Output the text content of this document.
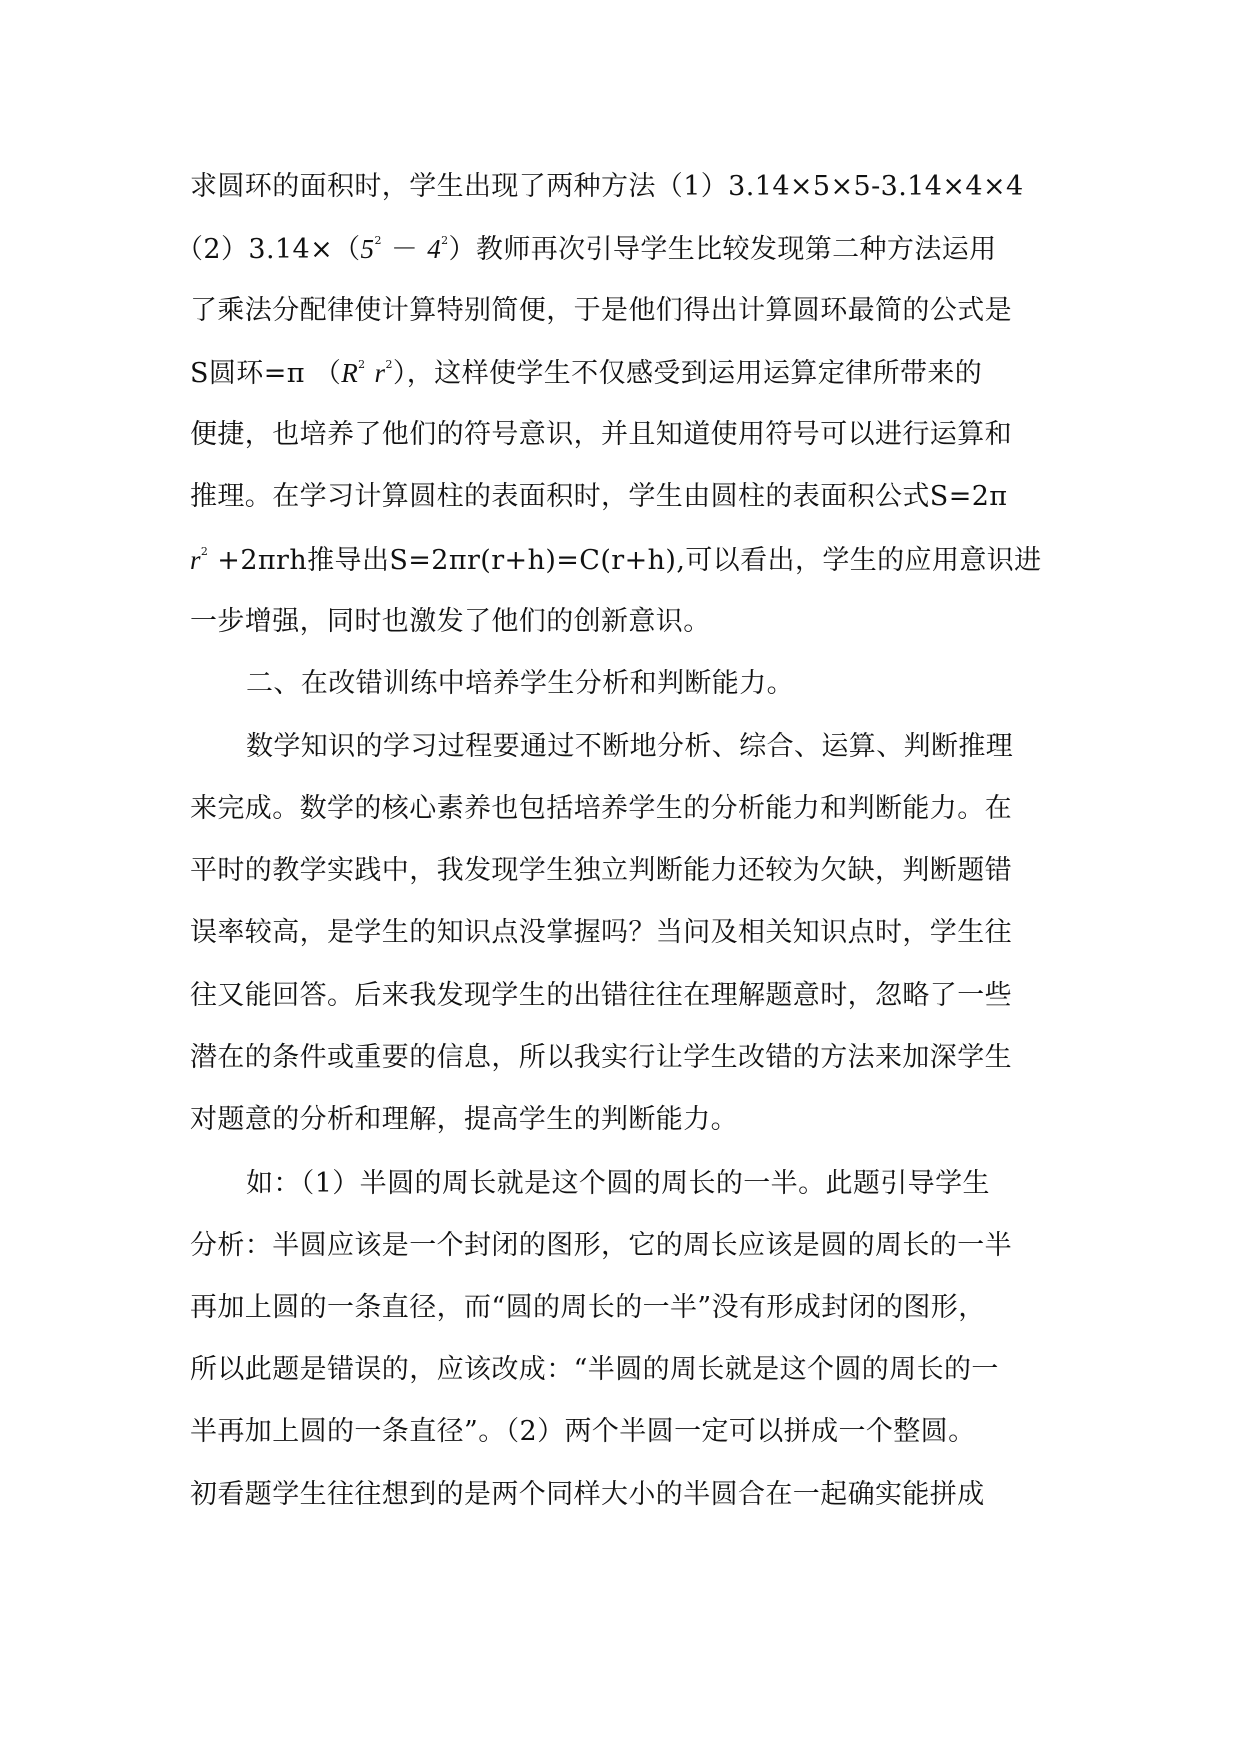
求圆环的面积时，学生出现了两种方法（1）3.14×5×5-3.14×4×4
$(2)3.14\times(5^2 - 4^2)$教师再次引导学生比较发现第二种方法运用
了乘法分配律使计算特别简便，于是他们得出计算圆环最简的公式是
S圆环=π （$R^2$ $r^2$），这样使学生不仅感受到运用运算定律所带来的
便捷，也培养了他们的符号意识，并且知道使用符号可以进行运算和
推理。在学习计算圆柱的表面积时，学生由圆柱的表面积公式S=2π
$r^2 +2\pi rh$推导出S=2πr(r+h)=C(r+h),可以看出，学生的应用意识进
一步增强，同时也激发了他们的创新意识。
二、在改错训练中培养学生分析和判断能力。
数学知识的学习过程要通过不断地分析、综合、运算、判断推理
来完成。数学的核心素养也包括培养学生的分析能力和判断能力。在
平时的教学实践中，我发现学生独立判断能力还较为欠缺，判断题错
误率较高，是学生的知识点没掌握吗？当问及相关知识点时，学生往
往又能回答。后来我发现学生的出错往往在理解题意时，忽略了一些
潜在的条件或重要的信息，所以我实行让学生改错的方法来加深学生
对题意的分析和理解，提高学生的判断能力。
如：（1）半圆的周长就是这个圆的周长的一半。此题引导学生
分析：半圆应该是一个封闭的图形，它的周长应该是圆的周长的一半
再加上圆的一条直径，而“圆的周长的一半”没有形成封闭的图形，
所以此题是错误的，应该改成：“半圆的周长就是这个圆的周长的一
半再加上圆的一条直径”。（2）两个半圆一定可以拼成一个整圆。
初看题学生往往想到的是两个同样大小的半圆合在一起确实能拼成
